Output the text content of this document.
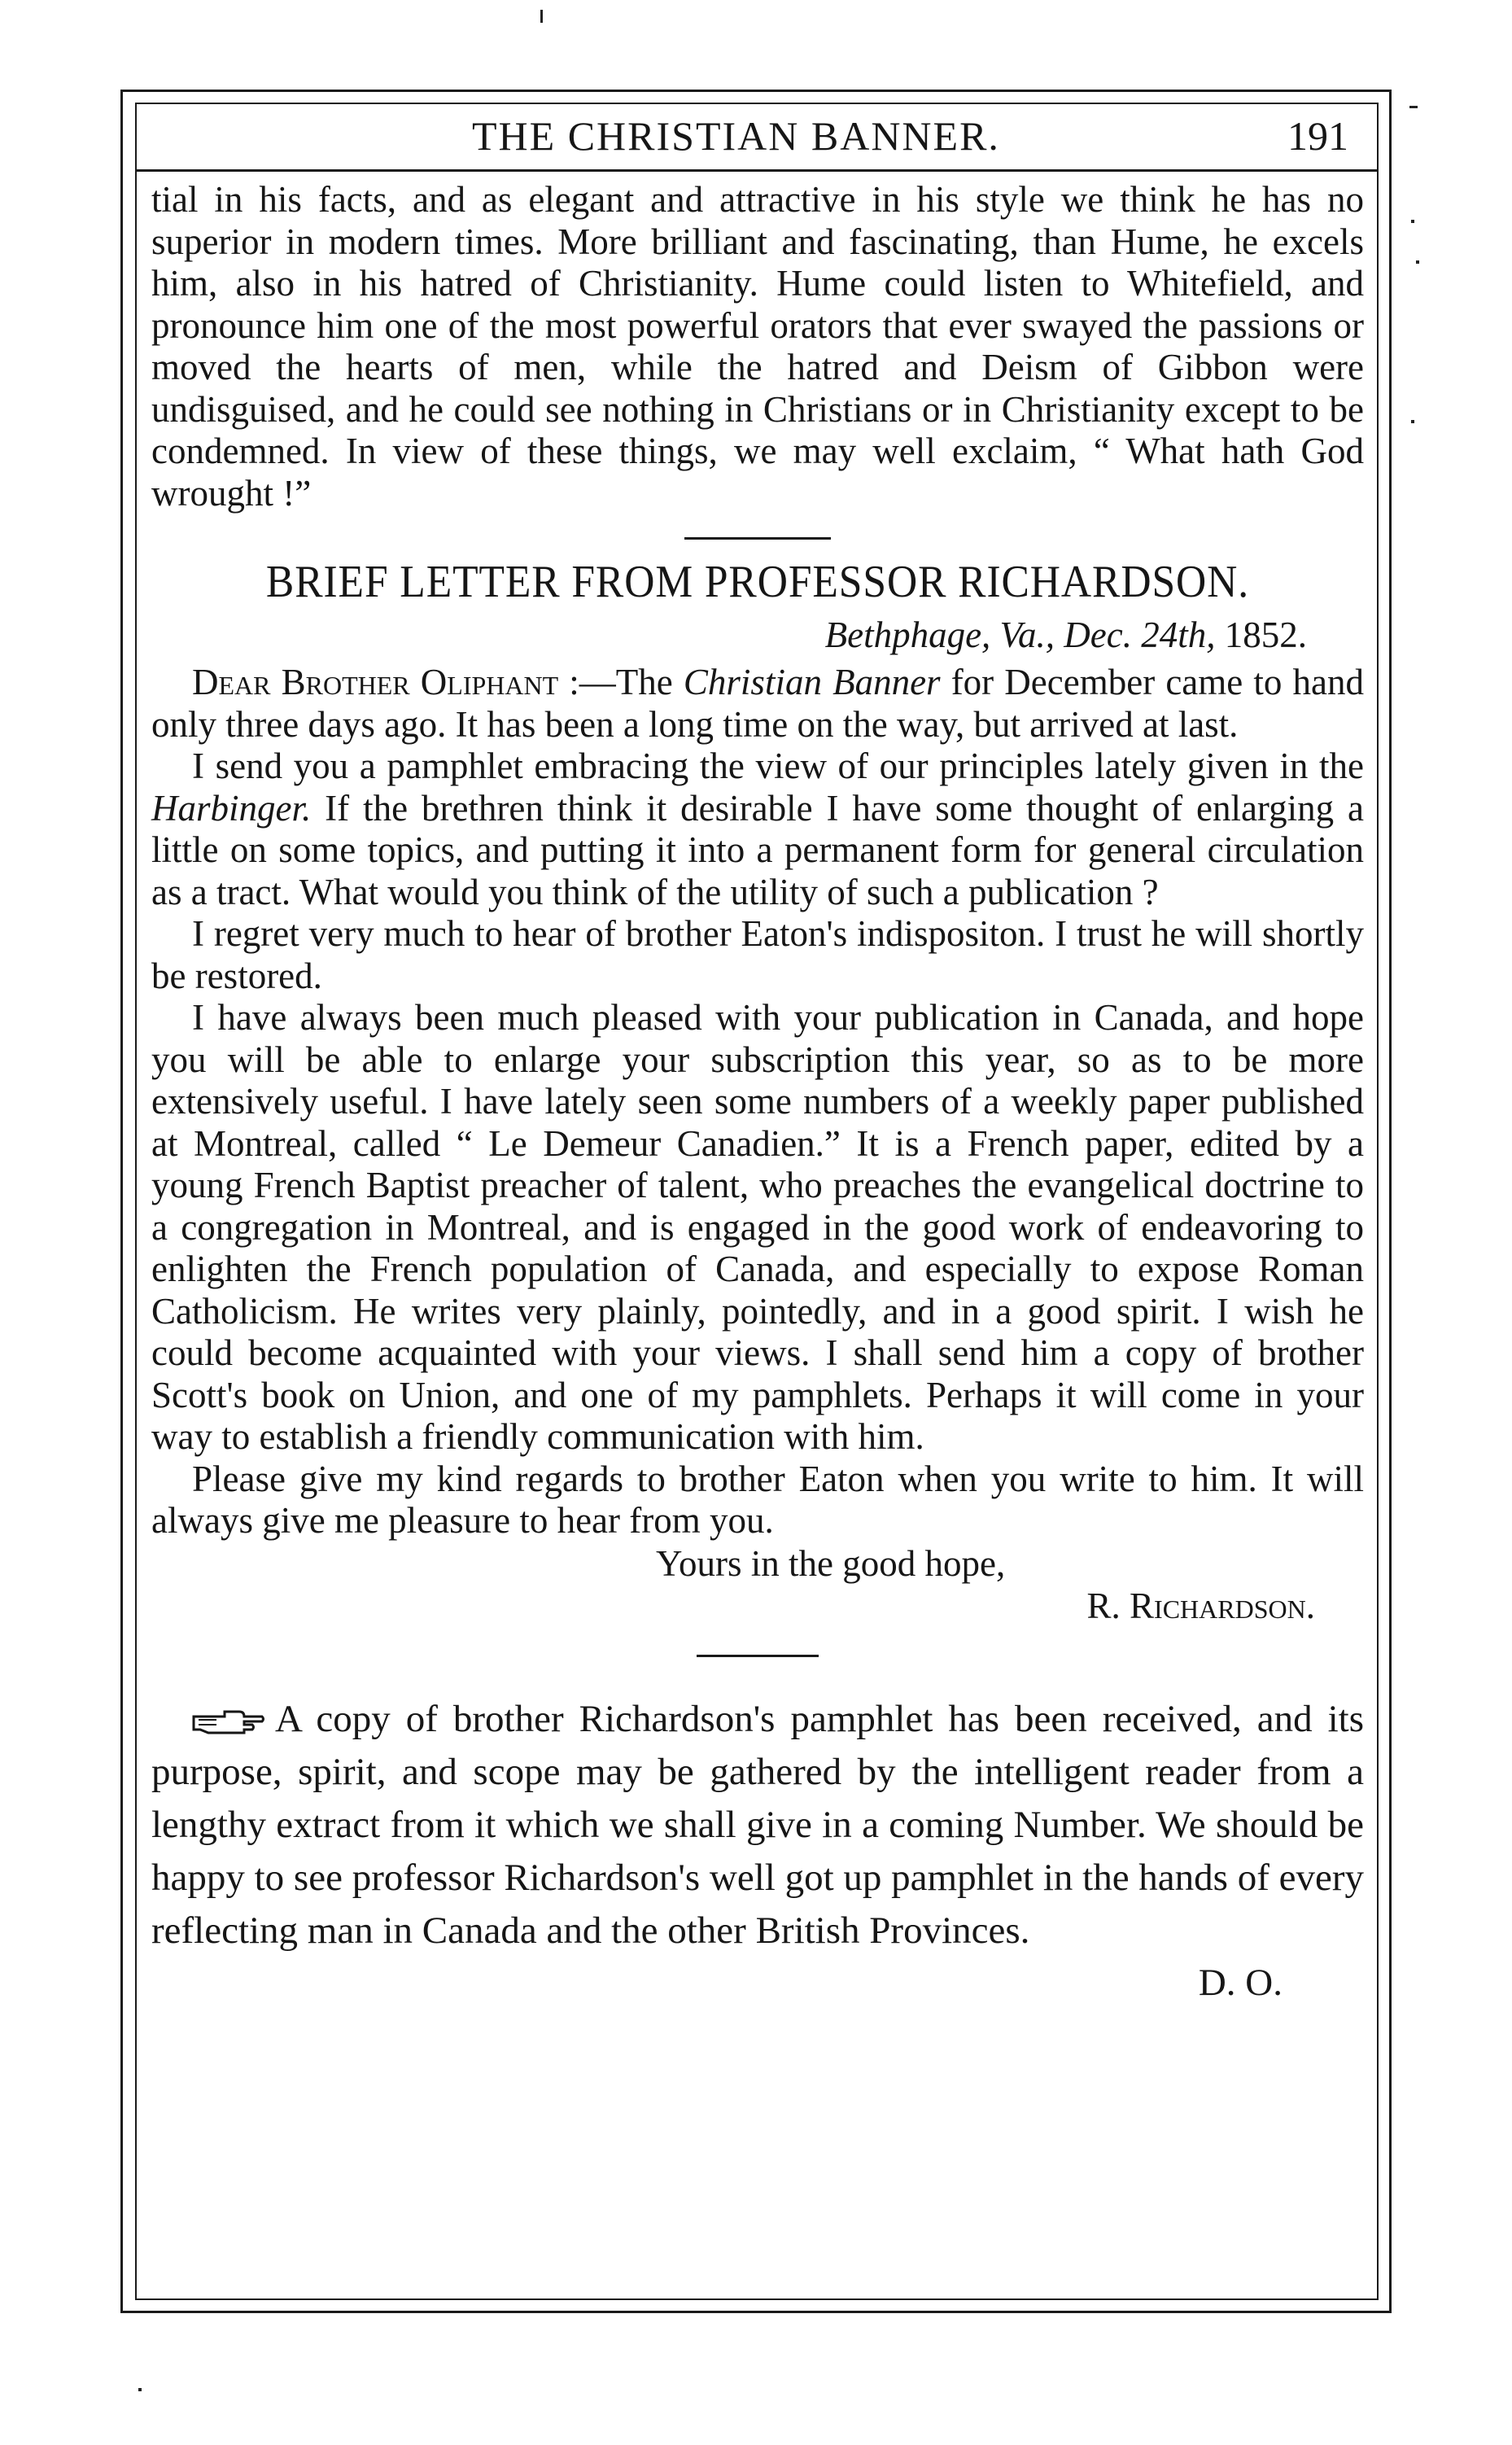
THE CHRISTIAN BANNER.	191

tial in his facts, and as elegant and attractive in his style we think he has no superior in modern times. More brilliant and fascinating, than Hume, he excels him, also in his hatred of Christianity. Hume could listen to Whitefield, and pronounce him one of the most powerful orators that ever swayed the passions or moved the hearts of men, while the hatred and Deism of Gibbon were undisguised, and he could see nothing in Christians or in Christianity except to be condemned. In view of these things, we may well exclaim, “ What hath God wrought !”

BRIEF LETTER FROM PROFESSOR RICHARDSON.

Bethphage, Va., Dec. 24th, 1852.

Dear Brother Oliphant :—The Christian Banner for December came to hand only three days ago. It has been a long time on the way, but arrived at last.

I send you a pamphlet embracing the view of our principles lately given in the Harbinger. If the brethren think it desirable I have some thought of enlarging a little on some topics, and putting it into a permanent form for general circulation as a tract. What would you think of the utility of such a publication ?

I regret very much to hear of brother Eaton's indispositon. I trust he will shortly be restored.

I have always been much pleased with your publication in Canada, and hope you will be able to enlarge your subscription this year, so as to be more extensively useful. I have lately seen some numbers of a weekly paper published at Montreal, called “ Le Demeur Canadien.” It is a French paper, edited by a young French Baptist preacher of talent, who preaches the evangelical doctrine to a congregation in Montreal, and is engaged in the good work of endeavoring to enlighten the French population of Canada, and especially to expose Roman Catholicism. He writes very plainly, pointedly, and in a good spirit. I wish he could become acquainted with your views. I shall send him a copy of brother Scott's book on Union, and one of my pamphlets. Perhaps it will come in your way to establish a friendly communication with him.

Please give my kind regards to brother Eaton when you write to him. It will always give me pleasure to hear from you.

Yours in the good hope,

R. Richardson.

A copy of brother Richardson's pamphlet has been received, and its purpose, spirit, and scope may be gathered by the intelligent reader from a lengthy extract from it which we shall give in a coming Number. We should be happy to see professor Richardson's well got up pamphlet in the hands of every reflecting man in Canada and the other British Provinces.

D. O.
